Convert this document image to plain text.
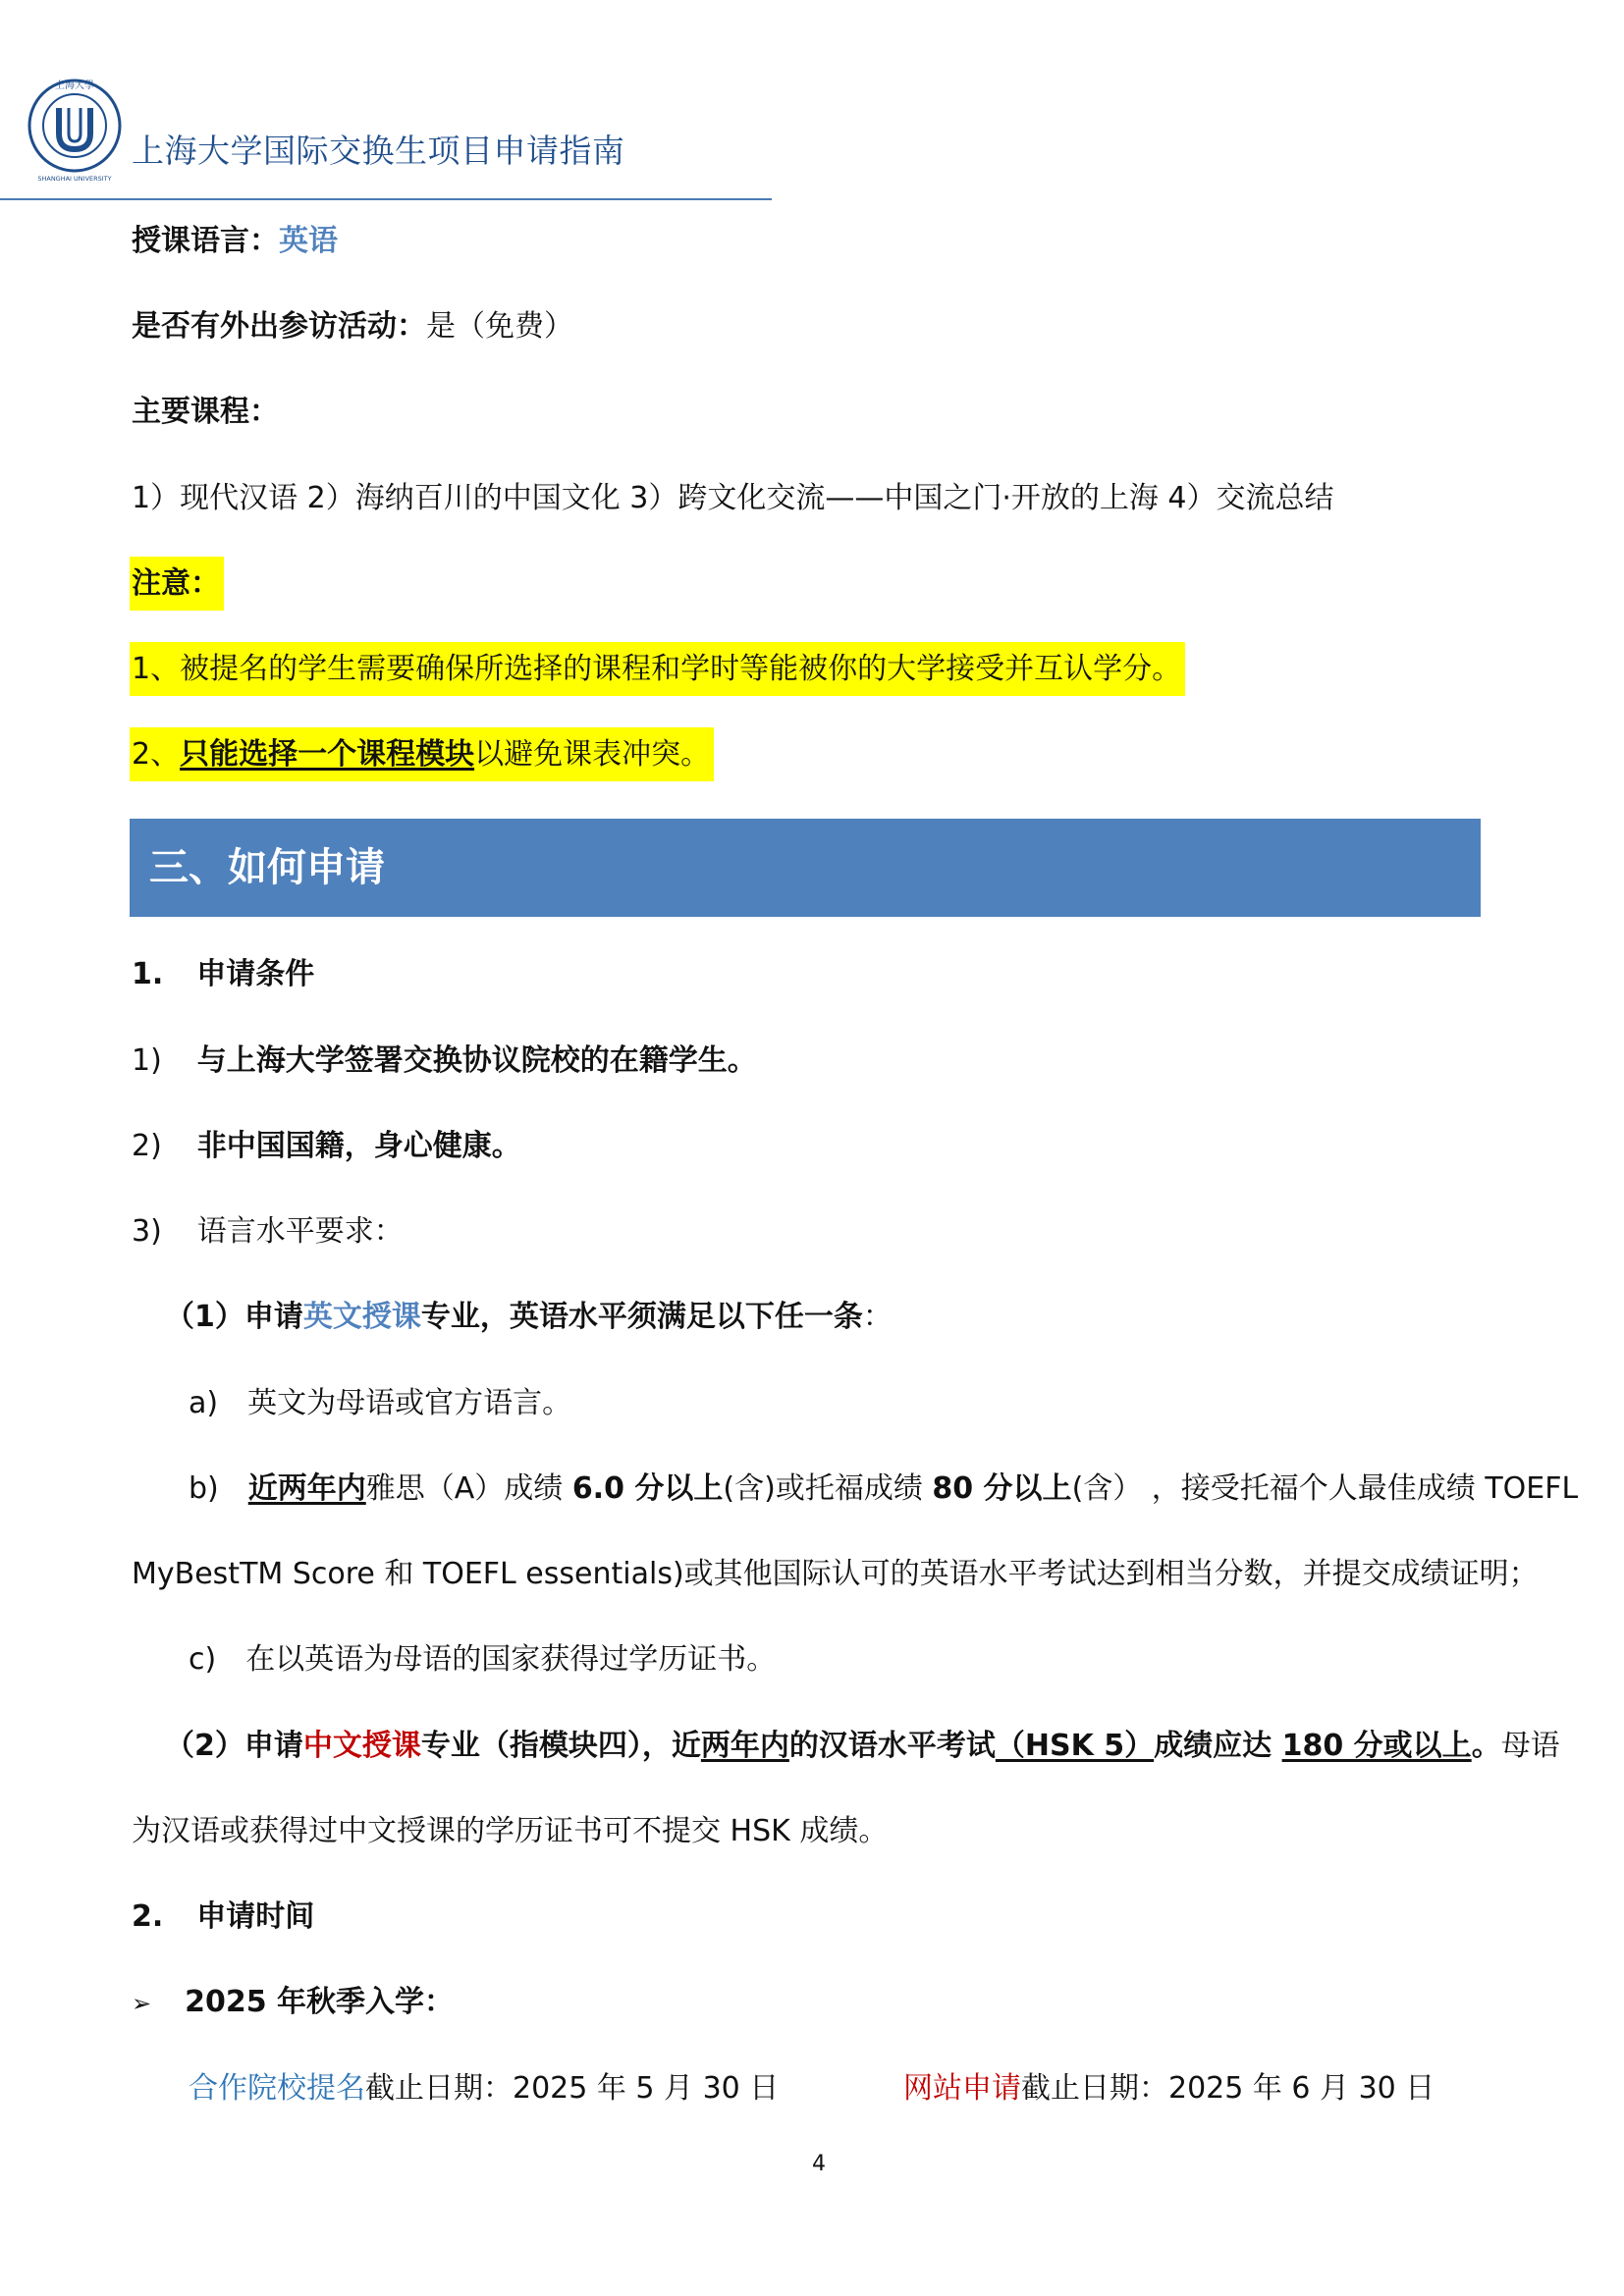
上海大學
SHANGHAI UNIVERSITY
上海大学国际交换生项目申请指南
授课语言：英语
是否有外出参访活动：是（免费）
主要课程：
1）现代汉语 2）海纳百川的中国文化 3）跨文化交流——中国之门·开放的上海 4）交流总结
注意：
1、被提名的学生需要确保所选择的课程和学时等能被你的大学接受并互认学分。
2、只能选择一个课程模块以避免课表冲突。
三、如何申请
1. 申请条件
1) 与上海大学签署交换协议院校的在籍学生。
2) 非中国国籍，身心健康。
3) 语言水平要求：
（1）申请英文授课专业，英语水平须满足以下任一条：
a) 英文为母语或官方语言。
b) 近两年内雅思（A）成绩 6.0 分以上(含)或托福成绩 80 分以上(含） ，接受托福个人最佳成绩 TOEFL
MyBestTM Score 和 TOEFL essentials)或其他国际认可的英语水平考试达到相当分数，并提交成绩证明；
c) 在以英语为母语的国家获得过学历证书。
（2）申请中文授课专业（指模块四），近两年内的汉语水平考试（HSK 5）成绩应达 180 分或以上。母语
为汉语或获得过中文授课的学历证书可不提交 HSK 成绩。
2. 申请时间
➢ 2025 年秋季入学：
合作院校提名截止日期：2025 年 5 月 30 日	网站申请截止日期：2025 年 6 月 30 日
4
